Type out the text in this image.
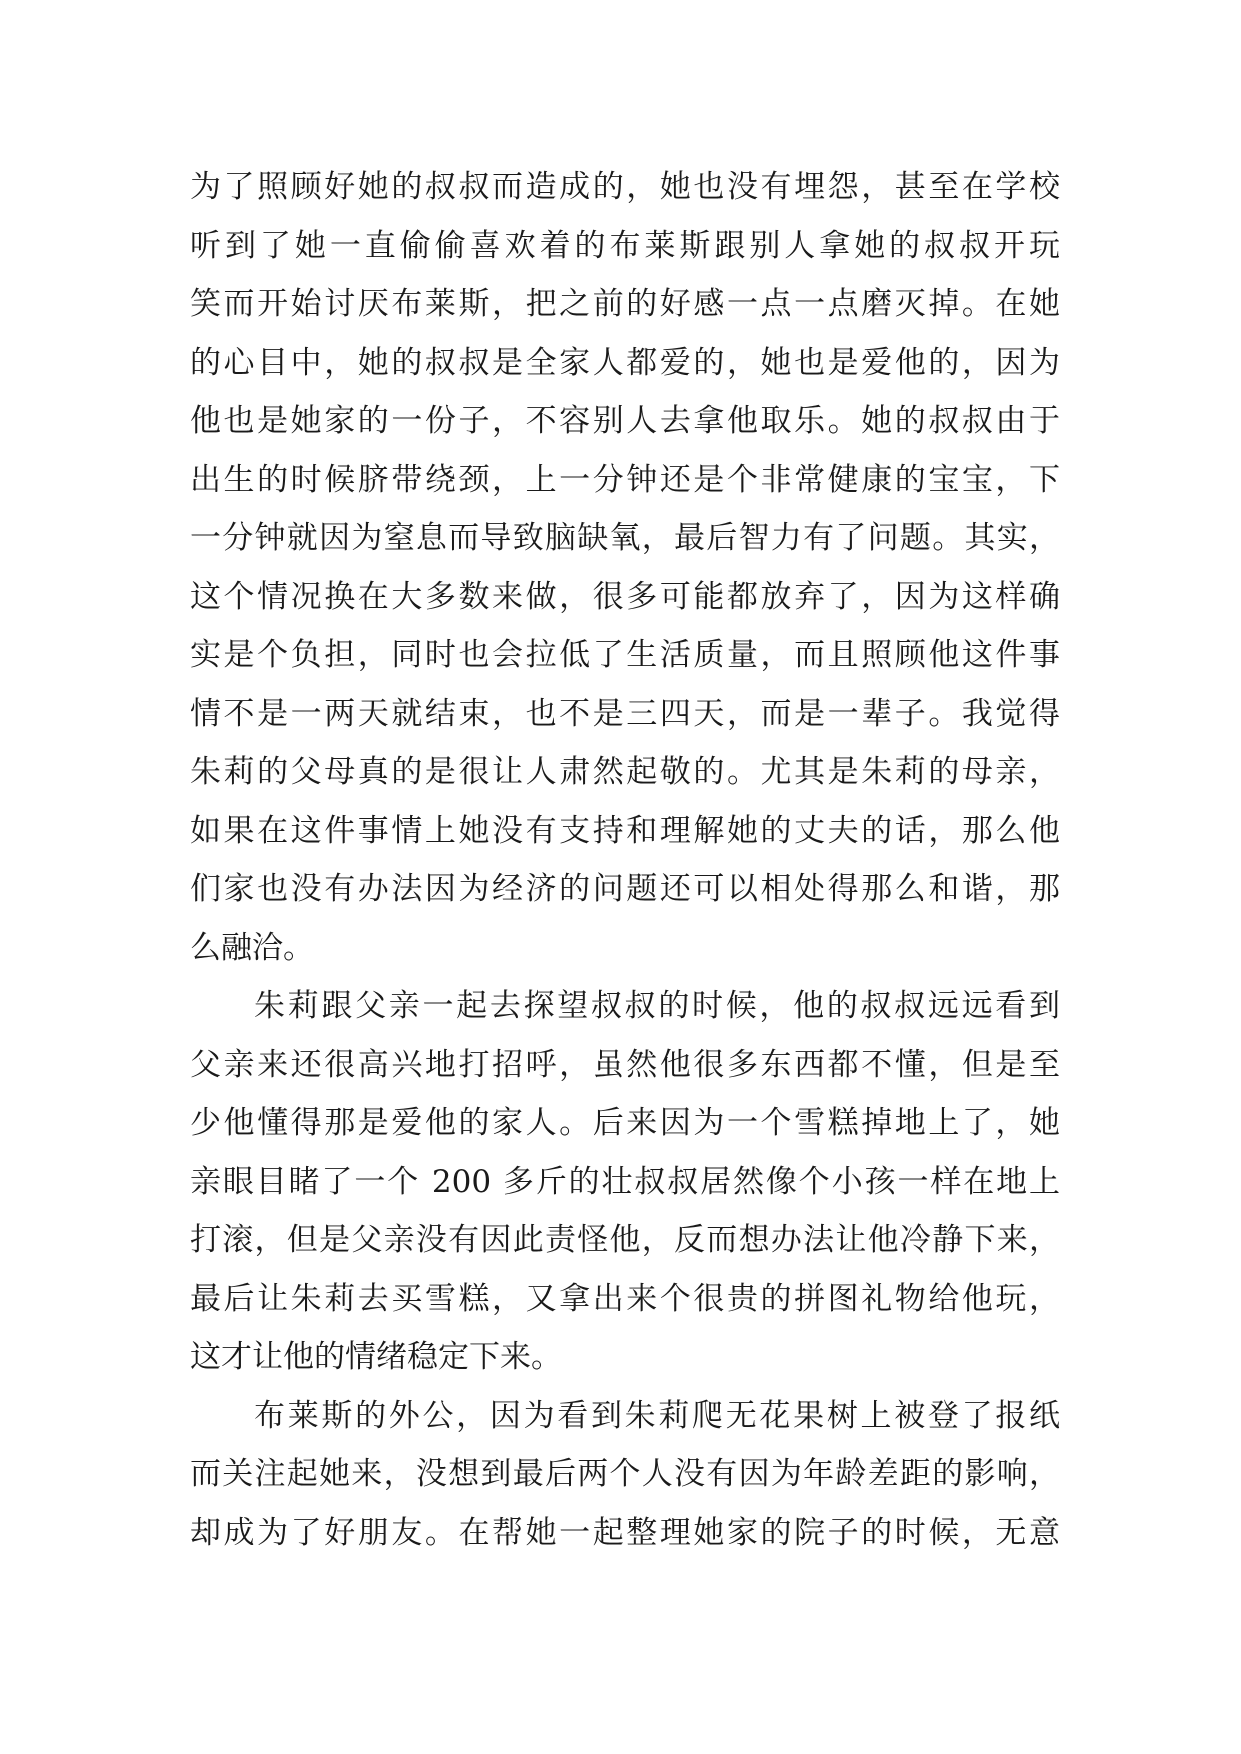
为了照顾好她的叔叔而造成的，她也没有埋怨，甚至在学校
听到了她一直偷偷喜欢着的布莱斯跟别人拿她的叔叔开玩
笑而开始讨厌布莱斯，把之前的好感一点一点磨灭掉。在她
的心目中，她的叔叔是全家人都爱的，她也是爱他的，因为
他也是她家的一份子，不容别人去拿他取乐。她的叔叔由于
出生的时候脐带绕颈，上一分钟还是个非常健康的宝宝，下
一分钟就因为窒息而导致脑缺氧，最后智力有了问题。其实，
这个情况换在大多数来做，很多可能都放弃了，因为这样确
实是个负担，同时也会拉低了生活质量，而且照顾他这件事
情不是一两天就结束，也不是三四天，而是一辈子。我觉得
朱莉的父母真的是很让人肃然起敬的。尤其是朱莉的母亲，
如果在这件事情上她没有支持和理解她的丈夫的话，那么他
们家也没有办法因为经济的问题还可以相处得那么和谐，那
么融洽。
朱莉跟父亲一起去探望叔叔的时候，他的叔叔远远看到
父亲来还很高兴地打招呼，虽然他很多东西都不懂，但是至
少他懂得那是爱他的家人。后来因为一个雪糕掉地上了，她
亲眼目睹了一个 200 多斤的壮叔叔居然像个小孩一样在地上
打滚，但是父亲没有因此责怪他，反而想办法让他冷静下来，
最后让朱莉去买雪糕，又拿出来个很贵的拼图礼物给他玩，
这才让他的情绪稳定下来。
布莱斯的外公，因为看到朱莉爬无花果树上被登了报纸
而关注起她来，没想到最后两个人没有因为年龄差距的影响，
却成为了好朋友。在帮她一起整理她家的院子的时候，无意
